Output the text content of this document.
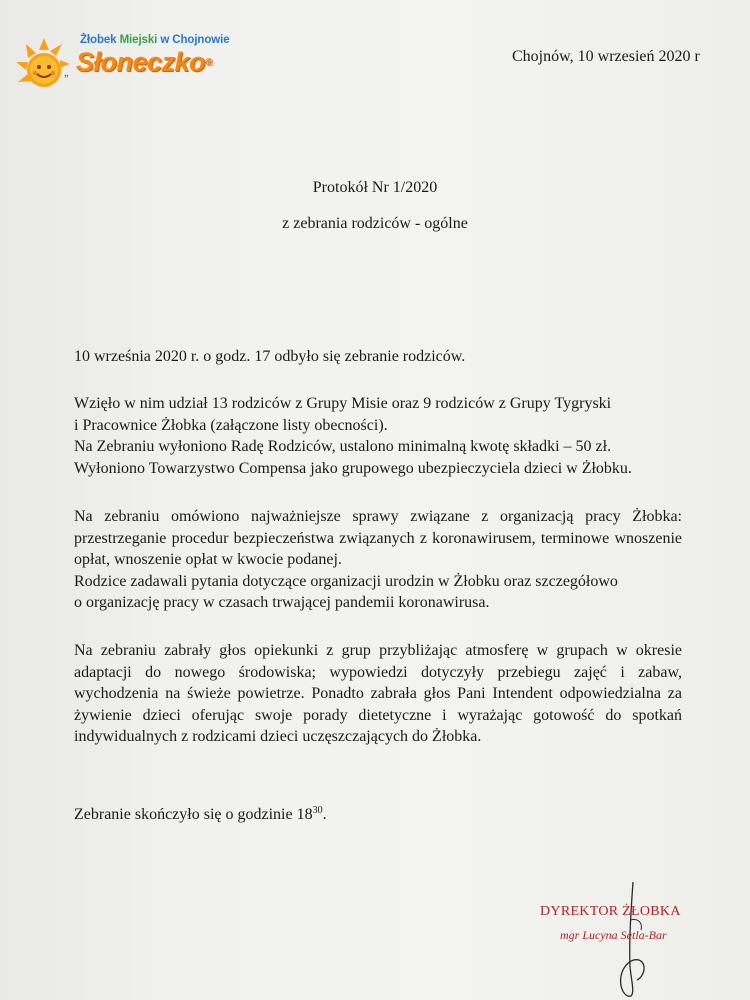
Żłobek Miejski w Chojnowie
„ Słoneczko®	Chojnów, 10 wrzesień 2020 r
Protokół Nr 1/2020
z zebrania rodziców - ogólne
10 września 2020 r. o godz. 17 odbyło się zebranie rodziców.
Wzięło w nim udział 13 rodziców z Grupy Misie oraz 9 rodziców z Grupy Tygryski
i Pracownice Żłobka (załączone listy obecności).
Na Zebraniu wyłoniono Radę Rodziców, ustalono minimalną kwotę składki – 50 zł.
Wyłoniono Towarzystwo Compensa jako grupowego ubezpieczyciela dzieci w Żłobku.
Na zebraniu omówiono najważniejsze sprawy związane z organizacją pracy Żłobka:
przestrzeganie procedur bezpieczeństwa związanych z koronawirusem, terminowe wnoszenie
opłat, wnoszenie opłat w kwocie podanej.
Rodzice zadawali pytania dotyczące organizacji urodzin w Żłobku oraz szczegółowo
o organizację pracy w czasach trwającej pandemii koronawirusa.
Na zebraniu zabrały głos opiekunki z grup przybliżając atmosferę w grupach w okresie
adaptacji do nowego środowiska; wypowiedzi dotyczyły przebiegu zajęć i zabaw,
wychodzenia na świeże powietrze. Ponadto zabrała głos Pani Intendent odpowiedzialna za
żywienie dzieci oferując swoje porady dietetyczne i wyrażając gotowość do spotkań
indywidualnych z rodzicami dzieci uczęszczających do Żłobka.
Zebranie skończyło się o godzinie $18^{30}$.
DYREKTOR ŻŁOBKA
mgr Lucyna Setla-Bar
